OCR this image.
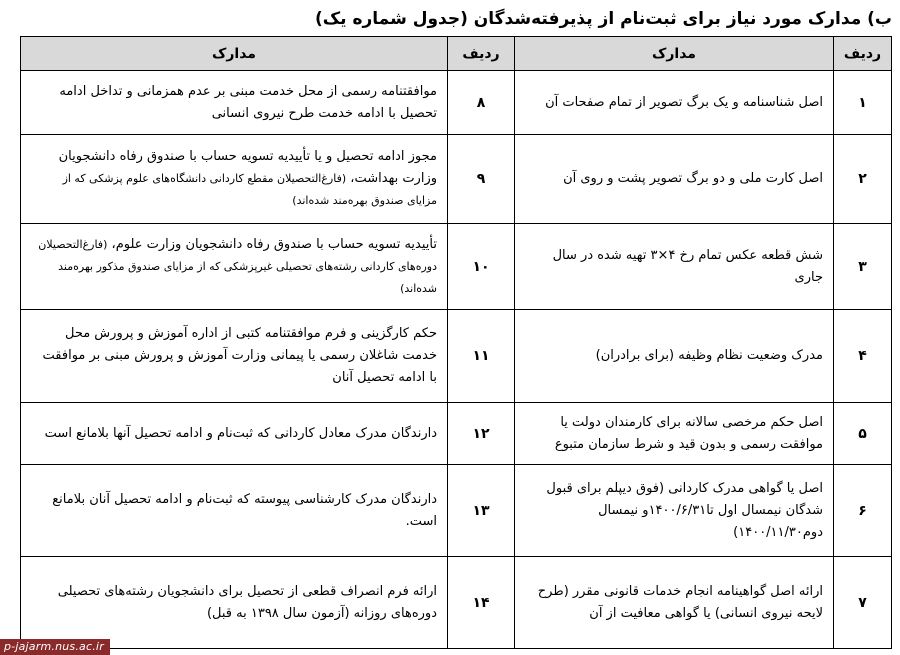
ب) مدارک مورد نیاز برای ثبت‌نام از پذیرفته‌شدگان (جدول شماره یک)
ردیف	مدارک	ردیف	مدارک
۱	اصل شناسنامه و یک برگ تصویر از تمام صفحات آن	۸	موافقتنامه رسمی از محل خدمت مبنی بر عدم همزمانی و تداخل ادامه تحصیل با ادامه خدمت طرح نیروی انسانی
۲	اصل کارت ملی و دو برگ تصویر پشت و روی آن	۹	مجوز ادامه تحصیل و یا تأییدیه تسویه حساب با صندوق رفاه دانشجویان وزارت بهداشت، (فارغ‌التحصیلان مقطع کاردانی دانشگاه‌های علوم پزشکی که از مزایای صندوق بهره‌مند شده‌اند)
۳	شش قطعه عکس تمام رخ ۴×۳ تهیه شده در سال جاری	۱۰	تأییدیه تسویه حساب با صندوق رفاه دانشجویان وزارت علوم، (فارغ‌التحصیلان دوره‌های کاردانی رشته‌های تحصیلی غیرپزشکی که از مزایای صندوق مذکور بهره‌مند شده‌اند)
۴	مدرک وضعیت نظام وظیفه (برای برادران)	۱۱	حکم کارگزینی و فرم موافقتنامه کتبی از اداره آموزش و پرورش محل خدمت شاغلان رسمی یا پیمانی وزارت آموزش و پرورش مبنی بر موافقت با ادامه تحصیل آنان
۵	اصل حکم مرخصی سالانه برای کارمندان دولت یا موافقت رسمی و بدون قید و شرط سازمان متبوع	۱۲	دارندگان مدرک معادل کاردانی که ثبت‌نام و ادامه تحصیل آنها بلامانع است
۶	اصل یا گواهی مدرک کاردانی (فوق دیپلم برای قبول شدگان نیمسال اول تا۱۴۰۰/۶/۳۱و نیمسال دوم۱۴۰۰/۱۱/۳۰)	۱۳	دارندگان مدرک کارشناسی پیوسته که ثبت‌نام و ادامه تحصیل آنان بلامانع است.
۷	ارائه اصل گواهینامه انجام خدمات قانونی مقرر (طرح لایحه نیروی انسانی) یا گواهی معافیت از آن	۱۴	ارائه فرم انصراف قطعی از تحصیل برای دانشجویان رشته‌های تحصیلی دوره‌های روزانه (آزمون سال ۱۳۹۸ به قبل)
p-jajarm.nus.ac.ir
